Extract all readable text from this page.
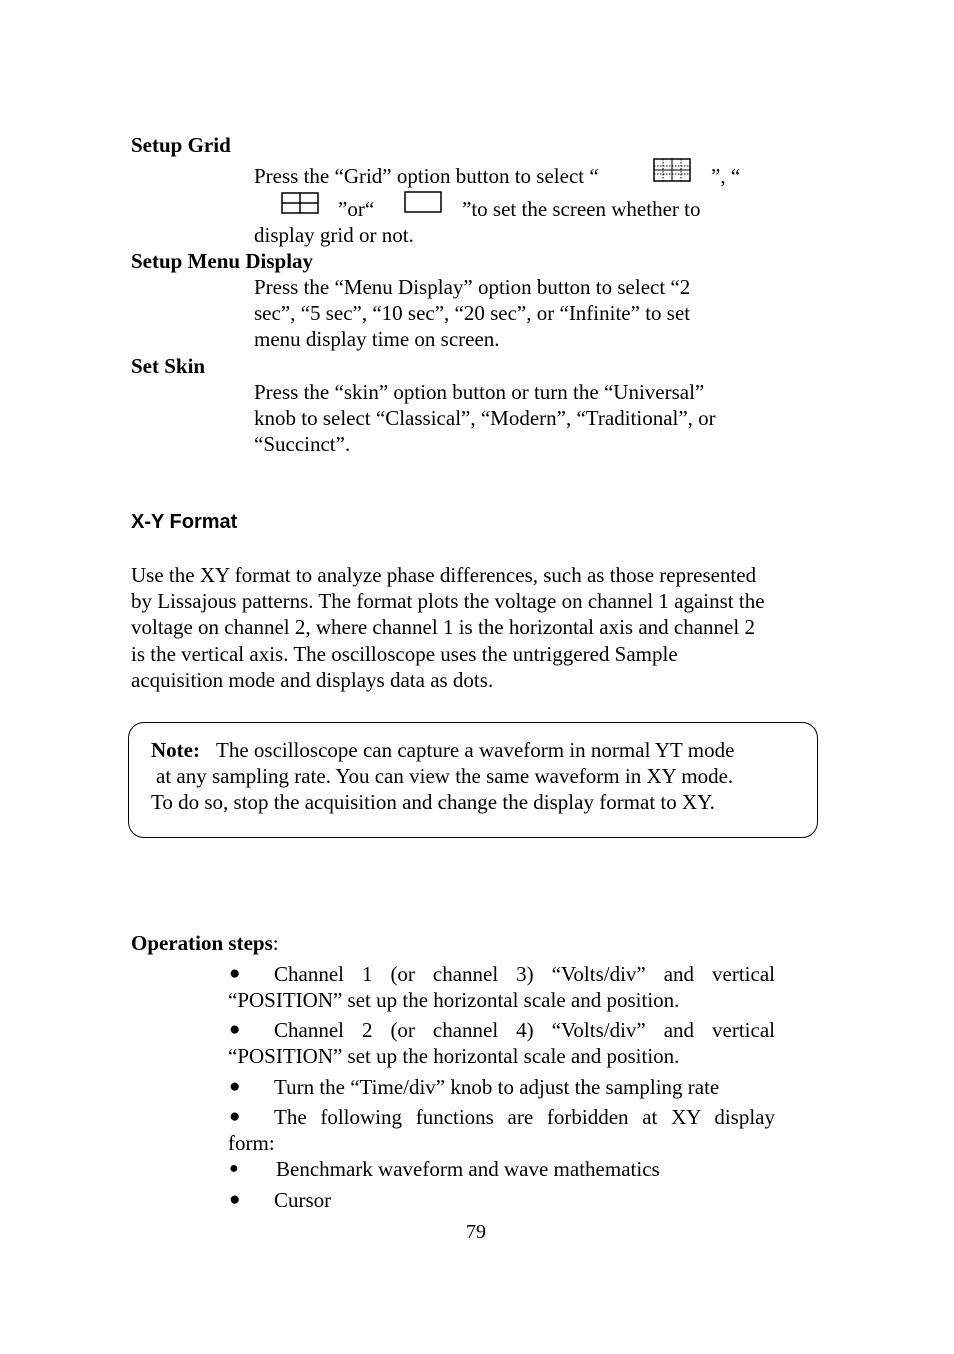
Setup Grid
Press the “Grid” option button to select “	”, “
”or“	”to set the screen whether to
display grid or not.
Setup Menu Display
Press the “Menu Display” option button to select “2
sec”, “5 sec”, “10 sec”, “20 sec”, or “Infinite” to set
menu display time on screen.
Set Skin
Press the “skin” option button or turn the “Universal”
knob to select “Classical”, “Modern”, “Traditional”, or
“Succinct”.
X-Y Format
Use the XY format to analyze phase differences, such as those represented
by Lissajous patterns. The format plots the voltage on channel 1 against the
voltage on channel 2, where channel 1 is the horizontal axis and channel 2
is the vertical axis. The oscilloscope uses the untriggered Sample
acquisition mode and displays data as dots.
Note: The oscilloscope can capture a waveform in normal YT mode
at any sampling rate. You can view the same waveform in XY mode.
To do so, stop the acquisition and change the display format to XY.
Operation steps:
● Channel 1 (or channel 3) “Volts/div” and vertical
“POSITION” set up the horizontal scale and position.
● Channel 2 (or channel 4) “Volts/div” and vertical
“POSITION” set up the horizontal scale and position.
● Turn the “Time/div” knob to adjust the sampling rate
● The following functions are forbidden at XY display
form:
● Benchmark waveform and wave mathematics
● Cursor
79
